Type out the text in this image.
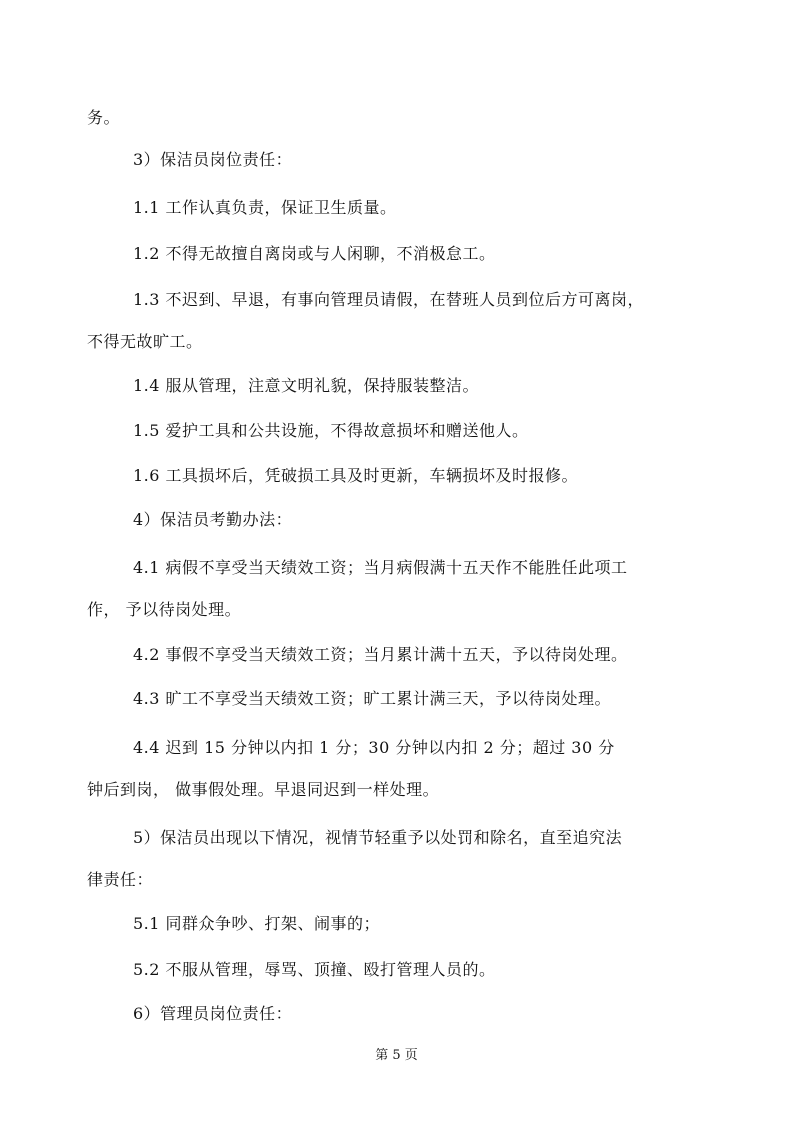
务。
3）保洁员岗位责任：
1.1 工作认真负责，保证卫生质量。
1.2 不得无故擅自离岗或与人闲聊，不消极怠工。
1.3 不迟到、早退，有事向管理员请假，在替班人员到位后方可离岗，
不得无故旷工。
1.4 服从管理，注意文明礼貌，保持服装整洁。
1.5 爱护工具和公共设施，不得故意损坏和赠送他人。
1.6 工具损坏后，凭破损工具及时更新，车辆损坏及时报修。
4）保洁员考勤办法：
4.1 病假不享受当天绩效工资；当月病假满十五天作不能胜任此项工
作， 予以待岗处理。
4.2 事假不享受当天绩效工资；当月累计满十五天，予以待岗处理。
4.3 旷工不享受当天绩效工资；旷工累计满三天，予以待岗处理。
4.4 迟到 15 分钟以内扣 1 分；30 分钟以内扣 2 分；超过 30 分
钟后到岗， 做事假处理。早退同迟到一样处理。
5）保洁员出现以下情况，视情节轻重予以处罚和除名，直至追究法
律责任：
5.1 同群众争吵、打架、闹事的；
5.2 不服从管理，辱骂、顶撞、殴打管理人员的。
6）管理员岗位责任：
第 5 页
